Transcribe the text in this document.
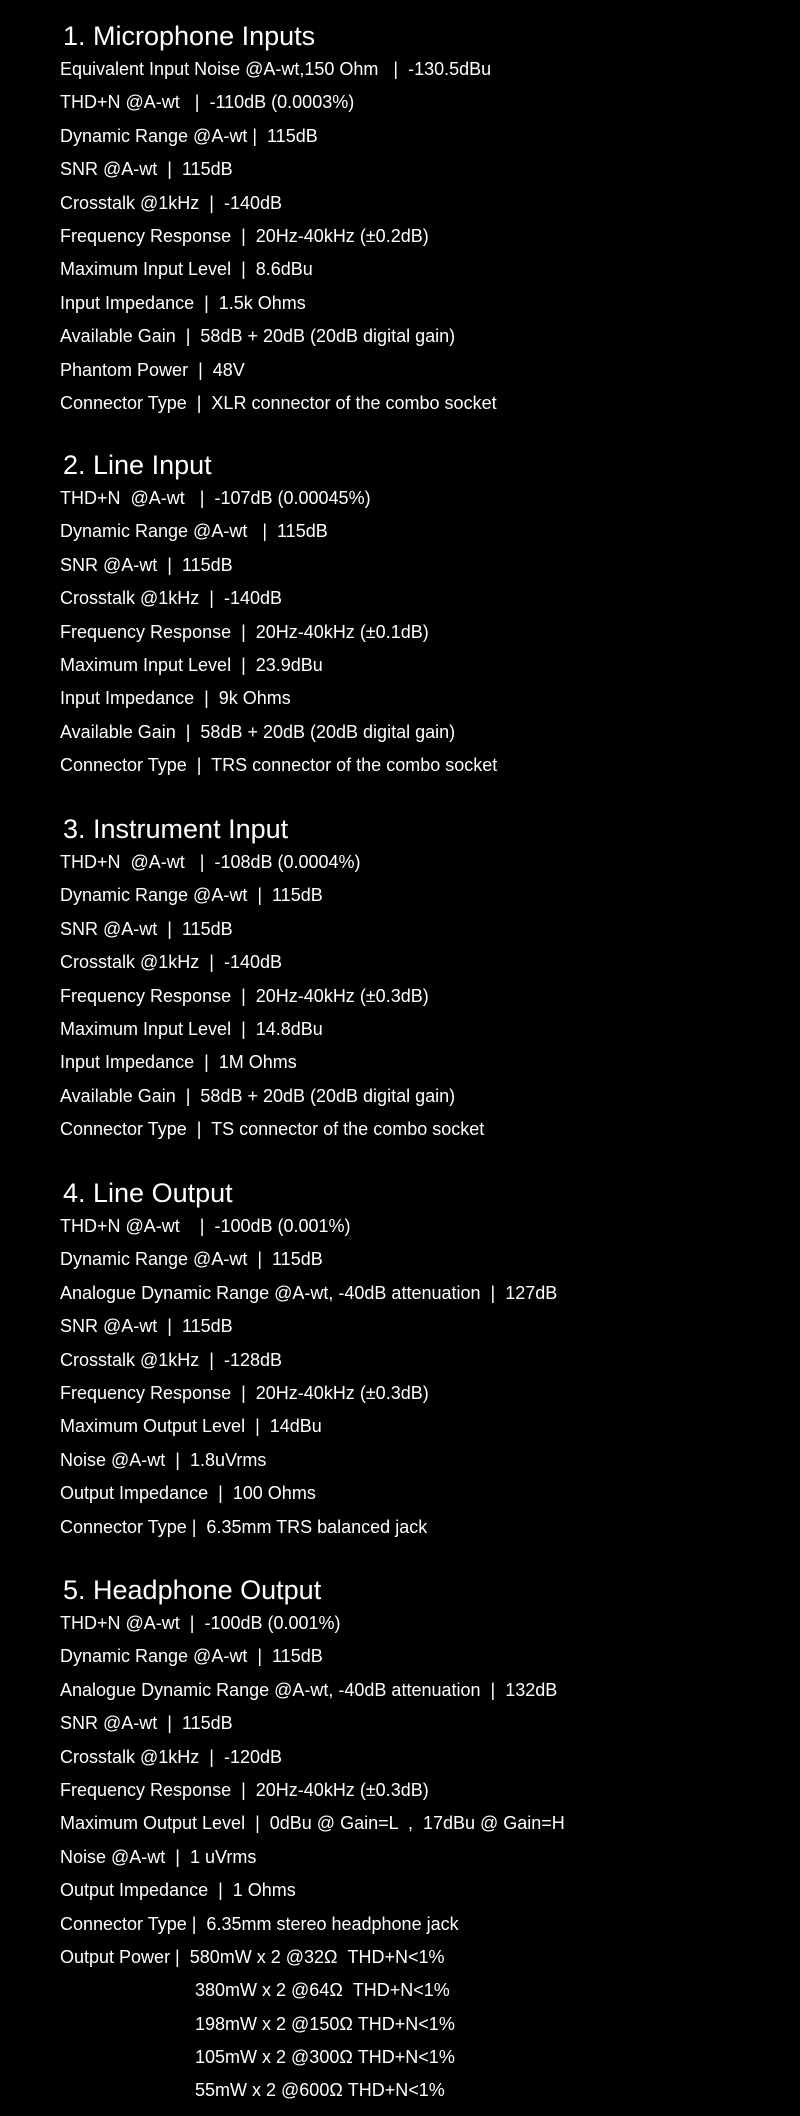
1. Microphone Inputs
Equivalent Input Noise @A-wt,150 Ohm   |  -130.5dBu
THD+N @A-wt   |  -110dB (0.0003%)
Dynamic Range @A-wt |  115dB
SNR @A-wt  |  115dB
Crosstalk @1kHz  |  -140dB
Frequency Response  |  20Hz-40kHz (±0.2dB)
Maximum Input Level  |  8.6dBu
Input Impedance  |  1.5k Ohms
Available Gain  |  58dB + 20dB (20dB digital gain)
Phantom Power  |  48V
Connector Type  |  XLR connector of the combo socket
2. Line Input
THD+N  @A-wt   |  -107dB (0.00045%)
Dynamic Range @A-wt   |  115dB
SNR @A-wt  |  115dB
Crosstalk @1kHz  |  -140dB
Frequency Response  |  20Hz-40kHz (±0.1dB)
Maximum Input Level  |  23.9dBu
Input Impedance  |  9k Ohms
Available Gain  |  58dB + 20dB (20dB digital gain)
Connector Type  |  TRS connector of the combo socket
3. Instrument Input
THD+N  @A-wt   |  -108dB (0.0004%)
Dynamic Range @A-wt  |  115dB
SNR @A-wt  |  115dB
Crosstalk @1kHz  |  -140dB
Frequency Response  |  20Hz-40kHz (±0.3dB)
Maximum Input Level  |  14.8dBu
Input Impedance  |  1M Ohms
Available Gain  |  58dB + 20dB (20dB digital gain)
Connector Type  |  TS connector of the combo socket
4. Line Output
THD+N @A-wt    |  -100dB (0.001%)
Dynamic Range @A-wt  |  115dB
Analogue Dynamic Range @A-wt, -40dB attenuation  |  127dB
SNR @A-wt  |  115dB
Crosstalk @1kHz  |  -128dB
Frequency Response  |  20Hz-40kHz (±0.3dB)
Maximum Output Level  |  14dBu
Noise @A-wt  |  1.8uVrms
Output Impedance  |  100 Ohms
Connector Type |  6.35mm TRS balanced jack
5. Headphone Output
THD+N @A-wt  |  -100dB (0.001%)
Dynamic Range @A-wt  |  115dB
Analogue Dynamic Range @A-wt, -40dB attenuation  |  132dB
SNR @A-wt  |  115dB
Crosstalk @1kHz  |  -120dB
Frequency Response  |  20Hz-40kHz (±0.3dB)
Maximum Output Level  |  0dBu @ Gain=L  ,  17dBu @ Gain=H
Noise @A-wt  |  1 uVrms
Output Impedance  |  1 Ohms
Connector Type |  6.35mm stereo headphone jack
Output Power |  580mW x 2 @32Ω  THD+N<1%
380mW x 2 @64Ω  THD+N<1%
198mW x 2 @150Ω THD+N<1%
105mW x 2 @300Ω THD+N<1%
55mW x 2 @600Ω THD+N<1%
